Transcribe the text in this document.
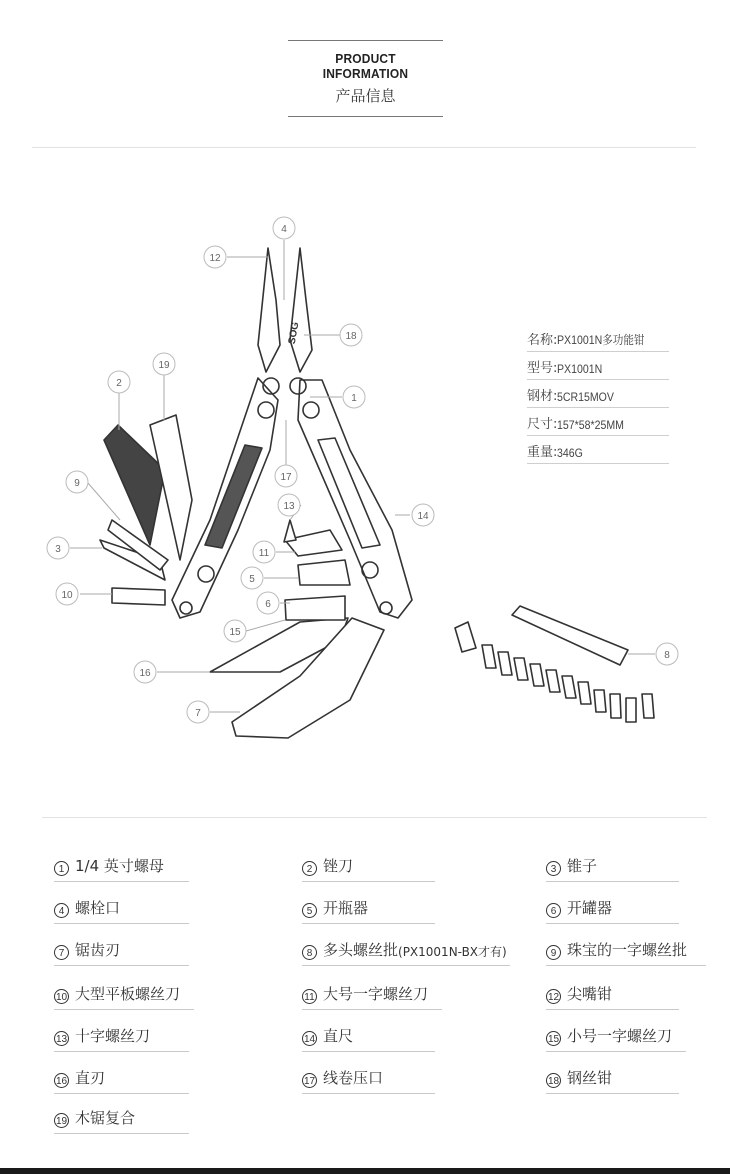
PRODUCT INFORMATION
产品信息
SOG
1
2
3
4
5
6
7
8
9
10
11
12
13
14
15
16
17
18
19
名称: PX1001N多功能钳
型号: PX1001N
钢材: 5CR15MOV
尺寸: 157*58*25MM
重量: 346G
1 1/4 英寸螺母	2 锉刀	3 锥子
4 螺栓口	5 开瓶器	6 开罐器
7 锯齿刃	8 多头螺丝批 (PX1001N-BX才有)	9 珠宝的一字螺丝批
10 大型平板螺丝刀	11 大号一字螺丝刀	12 尖嘴钳
13 十字螺丝刀	14 直尺	15 小号一字螺丝刀
16 直刃	17 线卷压口	18 钢丝钳
19 木锯复合
